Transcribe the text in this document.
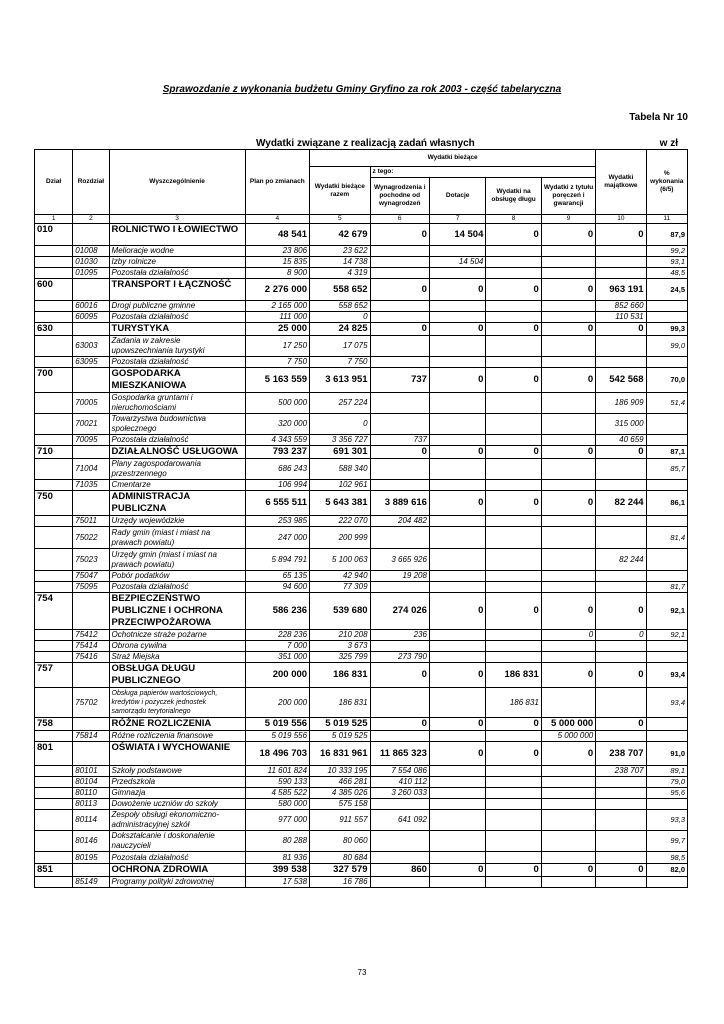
Sprawozdanie z wykonania budżetu Gminy Gryfino za rok 2003 - część tabelaryczna
Tabela Nr 10
Wydatki związane z realizacją zadań własnych	w zł
Dział	Rozdział	Wyszczególnienie	Plan po zmianach	Wydatki bieżące					Wydatki majątkowe	% wykonania (6/5)
				Wydatki bieżące razem	z tego:					
					Wynagrodzenia i pochodne od wynagrodzeń	Dotacje	Wydatki na obsługę długu	Wydatki z tytułu poręczeń i gwarancji		
1	2	3	4	5	6	7	8	9	10	11
010		ROLNICTWO I ŁOWIECTWO	48 541	42 679	0	14 504	0	0	0	87,9
	01008	Melioracje wodne	23 806	23 622						99,2
	01030	Izby rolnicze	15 835	14 738		14 504				93,1
	01095	Pozostała działalność	8 900	4 319						48,5
600		TRANSPORT I ŁĄCZNOŚĆ	2 276 000	558 652	0	0	0	0	963 191	24,5
	60016	Drogi publiczne gminne	2 165 000	558 652					852 660	
	60095	Pozostała działalność	111 000	0					110 531	
630		TURYSTYKA	25 000	24 825	0	0	0	0	0	99,3
	63003	Zadania w zakresie upowszechniania turystyki	17 250	17 075						99,0
	63095	Pozostała działalność	7 750	7 750						
700		GOSPODARKA MIESZKANIOWA	5 163 559	3 613 951	737	0	0	0	542 568	70,0
	70005	Gospodarka gruntami i nieruchomościami	500 000	257 224					186 909	51,4
	70021	Towarzystwa budownictwa społecznego	320 000	0					315 000	
	70095	Pozostała działalność	4 343 559	3 356 727	737				40 659	
710		DZIAŁALNOŚĆ USŁUGOWA	793 237	691 301	0	0	0	0	0	87,1
	71004	Plany zagospodarowania przestrzennego	686 243	588 340						85,7
	71035	Cmentarze	106 994	102 961						
750		ADMINISTRACJA PUBLICZNA	6 555 511	5 643 381	3 889 616	0	0	0	82 244	86,1
	75011	Urzędy wojewódzkie	253 985	222 070	204 482					
	75022	Rady gmin (miast i miast na prawach powiatu)	247 000	200 999						81,4
	75023	Urzędy gmin (miast i miast na prawach powiatu)	5 894 791	5 100 063	3 665 926				82 244	
	75047	Pobór podatków	65 135	42 940	19 208					
	75095	Pozostała działalność	94 600	77 309						81,7
754		BEZPIECZEŃSTWO PUBLICZNE I OCHRONA PRZECIWPOŻAROWA	586 236	539 680	274 026	0	0	0	0	92,1
	75412	Ochotnicze straże pożarne	228 236	210 208	236			0	0	92,1
	75414	Obrona cywilna	7 000	3 673						
	75416	Straż Miejska	351 000	325 799	273 790					
757		OBSŁUGA DŁUGU PUBLICZNEGO	200 000	186 831	0	0	186 831	0	0	93,4
	75702	Obsługa papierów wartościowych, kredytów i pożyczek jednostek samorządu terytorialnego	200 000	186 831			186 831			93,4
758		RÓŻNE ROZLICZENIA	5 019 556	5 019 525	0	0	0	5 000 000	0	
	75814	Różne rozliczenia finansowe	5 019 556	5 019 525				5 000 000		
801		OŚWIATA I WYCHOWANIE	18 496 703	16 831 961	11 865 323	0	0	0	238 707	91,0
	80101	Szkoły podstawowe	11 601 824	10 333 195	7 554 086				238 707	89,1
	80104	Przedszkola	590 133	466 281	410 112					79,0
	80110	Gimnazja	4 585 522	4 385 026	3 260 033					95,6
	80113	Dowożenie uczniów do szkoły	580 000	575 158						
	80114	Zespoły obsługi ekonomiczno-administracyjnej szkół	977 000	911 557	641 092					93,3
	80146	Dokształcanie i doskonalenie nauczycieli	80 288	80 060						99,7
	80195	Pozostała działalność	81 936	80 684						98,5
851		OCHRONA ZDROWIA	399 538	327 579	860	0	0	0	0	82,0
	85149	Programy polityki zdrowotnej	17 538	16 786						
73
